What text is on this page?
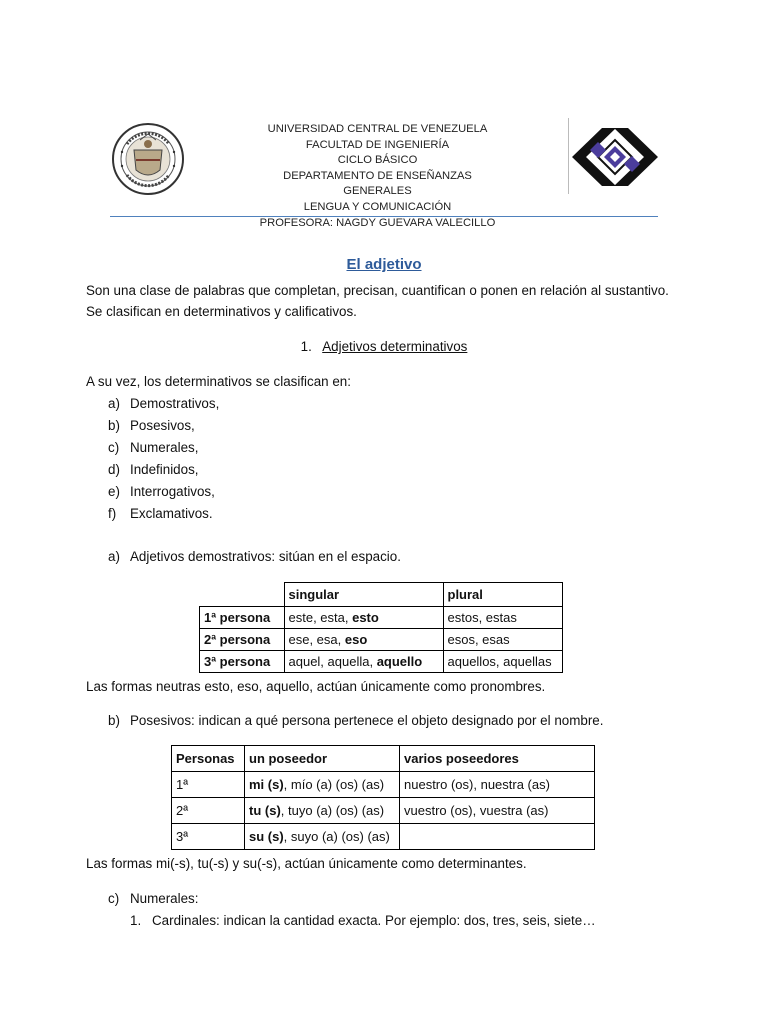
UNIVERSIDAD CENTRAL DE VENEZUELA
FACULTAD DE INGENIERÍA
CICLO BÁSICO
DEPARTAMENTO DE ENSEÑANZAS GENERALES
LENGUA Y COMUNICACIÓN
PROFESORA: NAGDY GUEVARA VALECILLO
El adjetivo
Son una clase de palabras que completan, precisan, cuantifican o ponen en relación al sustantivo.
Se clasifican en determinativos y calificativos.
1. Adjetivos determinativos
A su vez, los determinativos se clasifican en:
a) Demostrativos,
b) Posesivos,
c) Numerales,
d) Indefinidos,
e) Interrogativos,
f) Exclamativos.
a) Adjetivos demostrativos: sitúan en el espacio.
	singular	plural
1ª persona	este, esta, esto	estos, estas
2ª persona	ese, esa, eso	esos, esas
3ª persona	aquel, aquella, aquello	aquellos, aquellas
Las formas neutras esto, eso, aquello, actúan únicamente como pronombres.
b) Posesivos: indican a qué persona pertenece el objeto designado por el nombre.
Personas	un poseedor	varios poseedores
1ª	mi (s), mío (a) (os) (as)	nuestro (os), nuestra (as)
2ª	tu (s), tuyo (a) (os) (as)	vuestro (os), vuestra (as)
3ª	su (s), suyo (a) (os) (as)	
Las formas mi(-s), tu(-s) y su(-s), actúan únicamente como determinantes.
c) Numerales:
1. Cardinales: indican la cantidad exacta. Por ejemplo: dos, tres, seis, siete…
